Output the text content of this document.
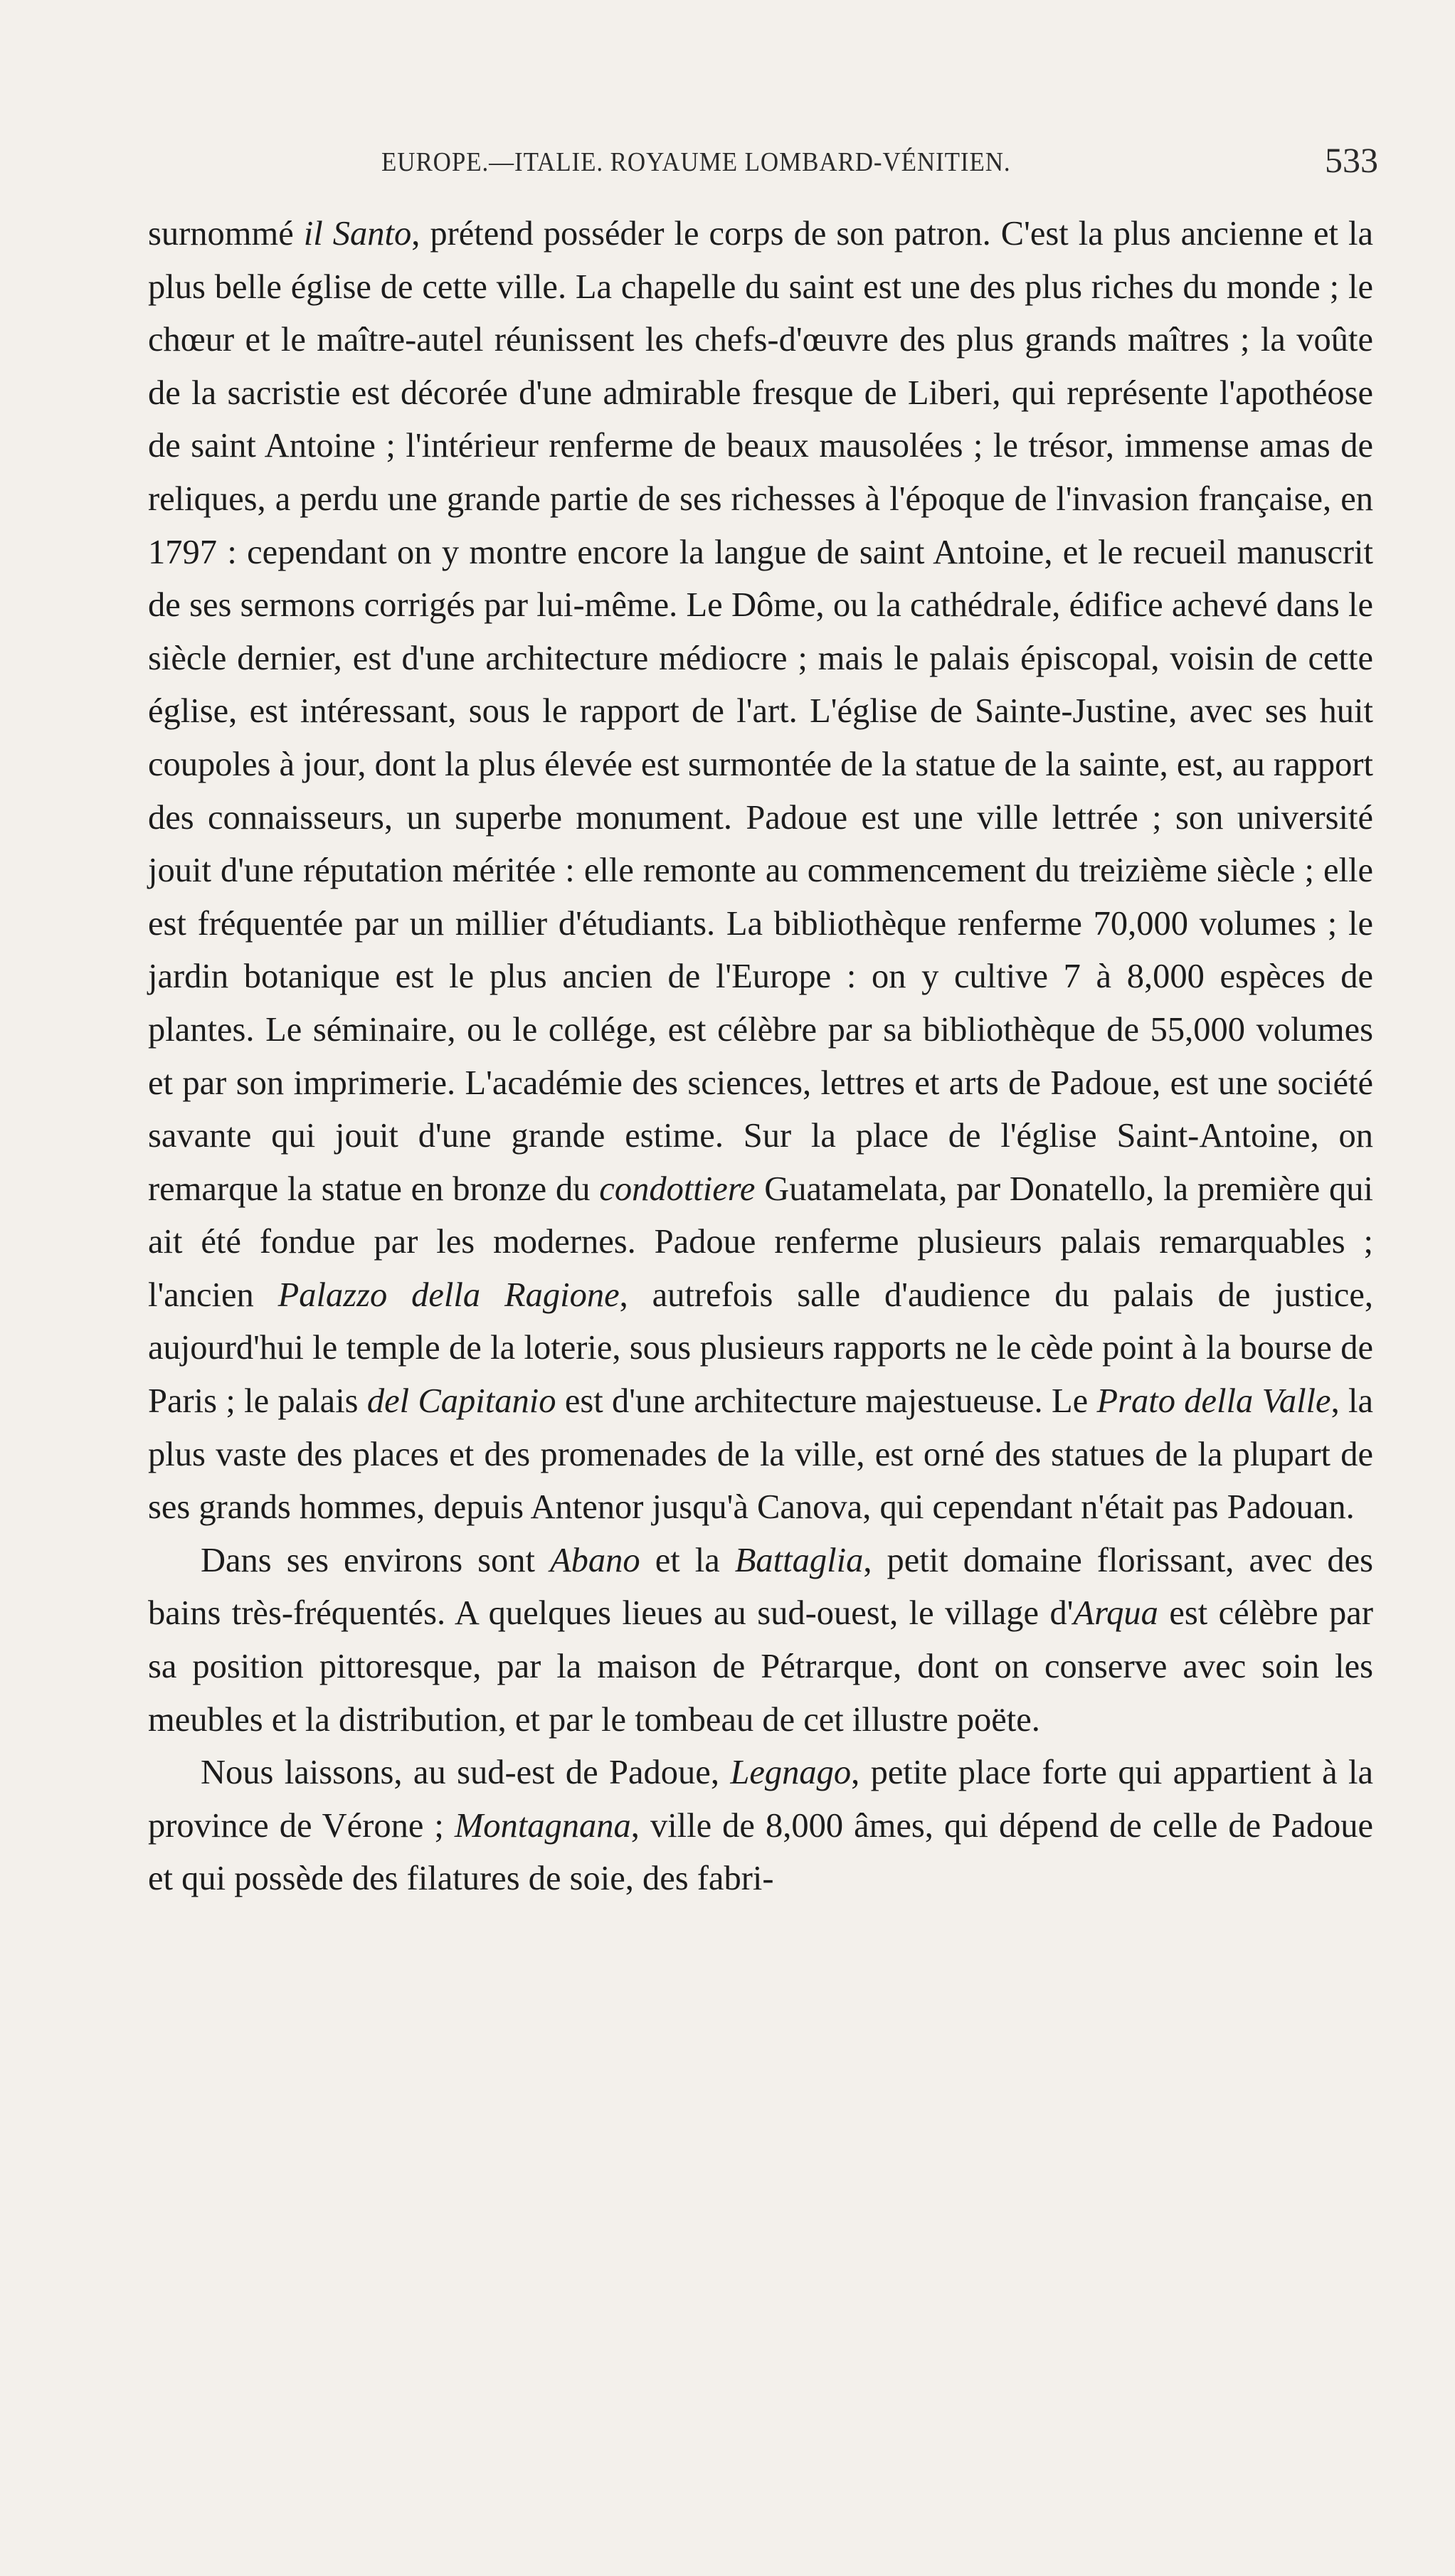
EUROPE.—ITALIE. ROYAUME LOMBARD-VÉNITIEN.	533

surnommé il Santo, prétend posséder le corps de son patron. C'est la plus ancienne et la plus belle église de cette ville. La chapelle du saint est une des plus riches du monde ; le chœur et le maître-autel réunissent les chefs-d'œuvre des plus grands maîtres ; la voûte de la sacristie est décorée d'une admirable fresque de Liberi, qui représente l'apothéose de saint Antoine ; l'intérieur renferme de beaux mausolées ; le trésor, immense amas de reliques, a perdu une grande partie de ses richesses à l'époque de l'invasion française, en 1797 : cependant on y montre encore la langue de saint Antoine, et le recueil manuscrit de ses sermons corrigés par lui-même. Le Dôme, ou la cathédrale, édifice achevé dans le siècle dernier, est d'une architecture médiocre ; mais le palais épiscopal, voisin de cette église, est intéressant, sous le rapport de l'art. L'église de Sainte-Justine, avec ses huit coupoles à jour, dont la plus élevée est surmontée de la statue de la sainte, est, au rapport des connaisseurs, un superbe monument. Padoue est une ville lettrée ; son université jouit d'une réputation méritée : elle remonte au commencement du treizième siècle ; elle est fréquentée par un millier d'étudiants. La bibliothèque renferme 70,000 volumes ; le jardin botanique est le plus ancien de l'Europe : on y cultive 7 à 8,000 espèces de plantes. Le séminaire, ou le collége, est célèbre par sa bibliothèque de 55,000 volumes et par son imprimerie. L'académie des sciences, lettres et arts de Padoue, est une société savante qui jouit d'une grande estime. Sur la place de l'église Saint-Antoine, on remarque la statue en bronze du condottiere Guatamelata, par Donatello, la première qui ait été fondue par les modernes. Padoue renferme plusieurs palais remarquables ; l'ancien Palazzo della Ragione, autrefois salle d'audience du palais de justice, aujourd'hui le temple de la loterie, sous plusieurs rapports ne le cède point à la bourse de Paris ; le palais del Capitanio est d'une architecture majestueuse. Le Prato della Valle, la plus vaste des places et des promenades de la ville, est orné des statues de la plupart de ses grands hommes, depuis Antenor jusqu'à Canova, qui cependant n'était pas Padouan.

Dans ses environs sont Abano et la Battaglia, petit domaine florissant, avec des bains très-fréquentés. A quelques lieues au sud-ouest, le village d'Arqua est célèbre par sa position pittoresque, par la maison de Pétrarque, dont on conserve avec soin les meubles et la distribution, et par le tombeau de cet illustre poëte.

Nous laissons, au sud-est de Padoue, Legnago, petite place forte qui appartient à la province de Vérone ; Montagnana, ville de 8,000 âmes, qui dépend de celle de Padoue et qui possède des filatures de soie, des fabri-
